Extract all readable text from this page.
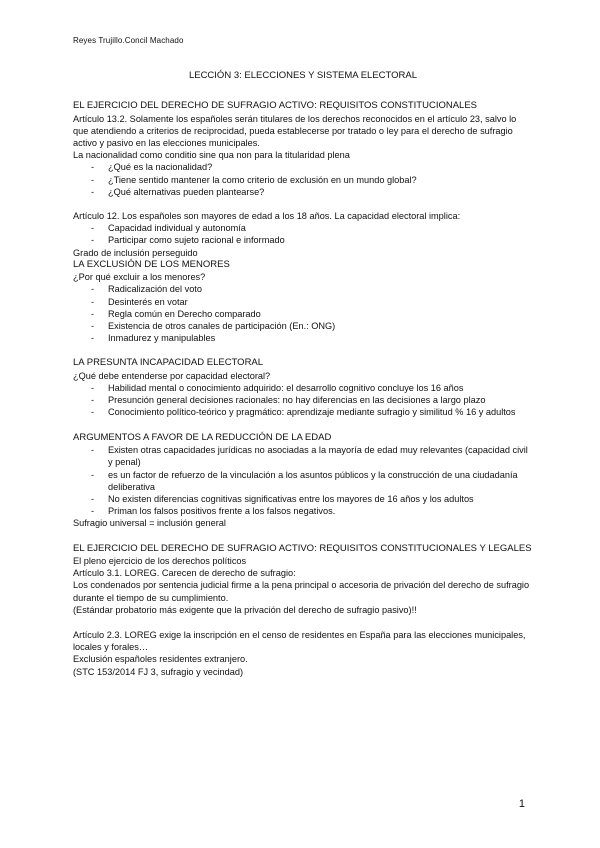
Reyes Trujillo.Concil Machado
LECCIÓN 3: ELECCIONES Y SISTEMA ELECTORAL
EL EJERCICIO DEL DERECHO DE SUFRAGIO ACTIVO: REQUISITOS CONSTITUCIONALES
Artículo 13.2. Solamente los españoles serán titulares de los derechos reconocidos en el artículo 23, salvo lo que atendiendo a criterios de reciprocidad, pueda establecerse por tratado o ley para el derecho de sufragio activo y pasivo en las elecciones municipales.
La nacionalidad como conditio sine qua non para la titularidad plena
- ¿Qué es la nacionalidad?
- ¿Tiene sentido mantener la como criterio de exclusión en un mundo global?
- ¿Qué alternativas pueden plantearse?
Artículo 12. Los españoles son mayores de edad a los 18 años. La capacidad electoral implica:
- Capacidad individual y autonomía
- Participar como sujeto racional e informado
Grado de inclusión perseguido
LA EXCLUSIÓN DE LOS MENORES
¿Por qué excluir a los menores?
- Radicalización del voto
- Desinterés en votar
- Regla común en Derecho comparado
- Existencia de otros canales de participación (En.: ONG)
- Inmadurez y manipulables
LA PRESUNTA INCAPACIDAD ELECTORAL
¿Qué debe entenderse por capacidad electoral?
- Habilidad mental o conocimiento adquirido: el desarrollo cognitivo concluye los 16 años
- Presunción general decisiones racionales: no hay diferencias en las decisiones a largo plazo
- Conocimiento político-teórico y pragmático: aprendizaje mediante sufragio y similitud % 16 y adultos
ARGUMENTOS A FAVOR DE LA REDUCCIÓN DE LA EDAD
- Existen otras capacidades jurídicas no asociadas a la mayoría de edad muy relevantes (capacidad civil y penal)
- es un factor de refuerzo de la vinculación a los asuntos públicos y la construcción de una ciudadanía deliberativa
- No existen diferencias cognitivas significativas entre los mayores de 16 años y los adultos
- Priman los falsos positivos frente a los falsos negativos.
Sufragio universal = inclusión general
EL EJERCICIO DEL DERECHO DE SUFRAGIO ACTIVO: REQUISITOS CONSTITUCIONALES Y LEGALES
El pleno ejercicio de los derechos políticos
Artículo 3.1. LOREG. Carecen de derecho de sufragio:
Los condenados por sentencia judicial firme a la pena principal o accesoria de privación del derecho de sufragio durante el tiempo de su cumplimiento.
(Estándar probatorio más exigente que la privación del derecho de sufragio pasivo)!!
Artículo 2.3. LOREG exige la inscripción en el censo de residentes en España para las elecciones municipales, locales y forales…
Exclusión españoles residentes extranjero.
(STC 153/2014 FJ 3, sufragio y vecindad)
1
